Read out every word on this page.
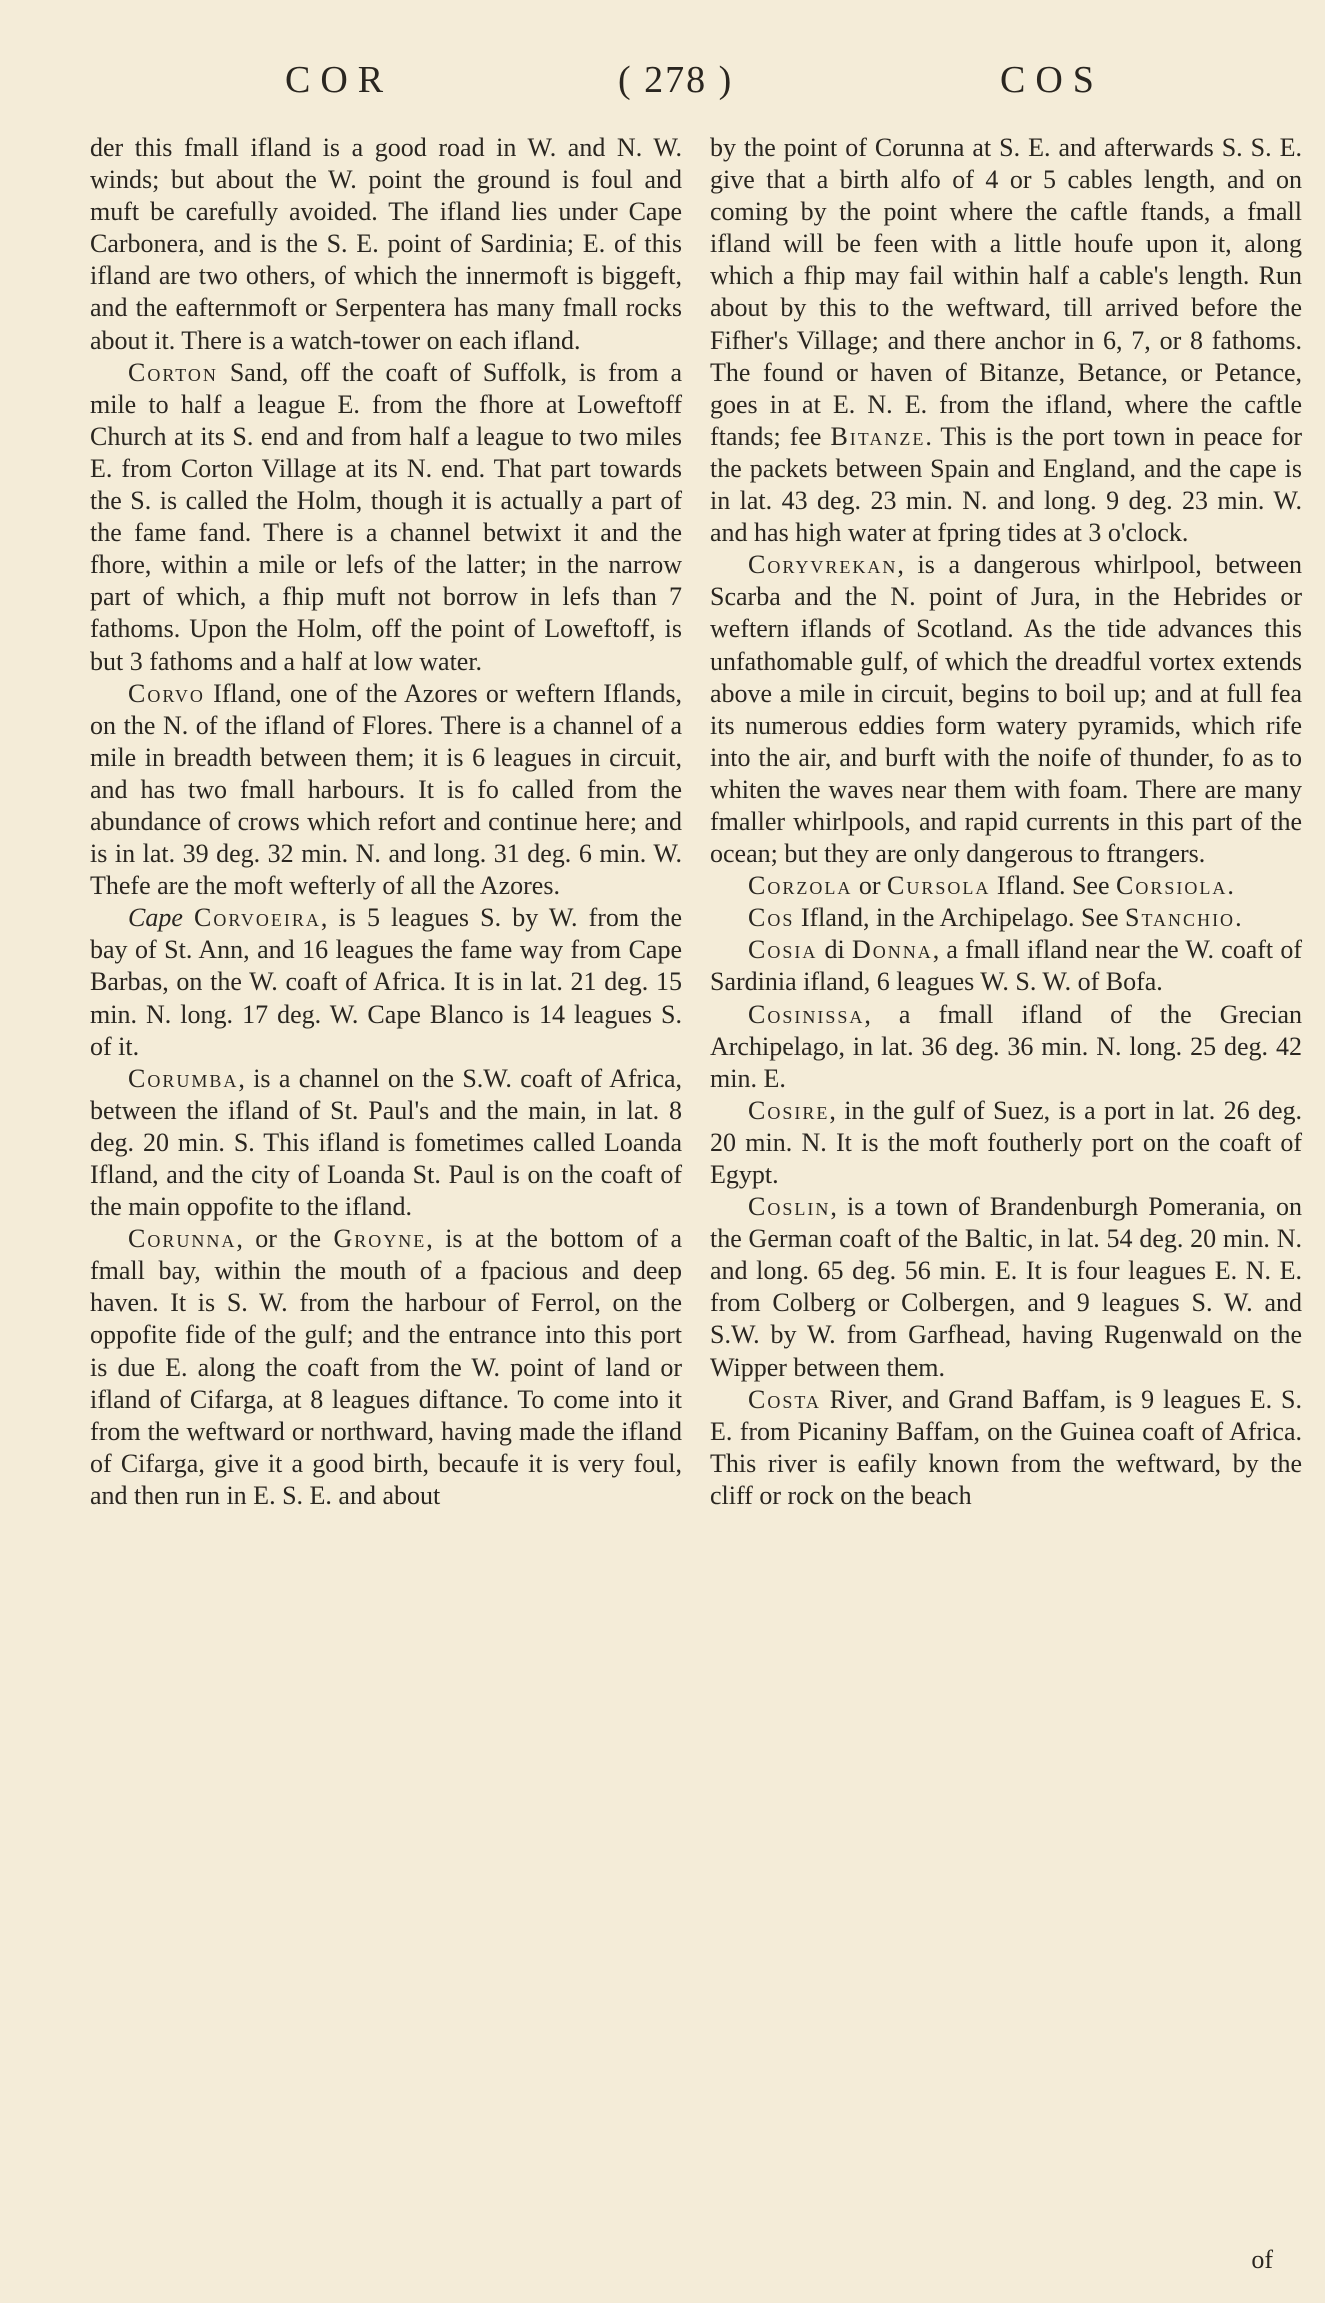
COR	( 278 )	COS

der this fmall ifland is a good road in W. and N. W. winds; but about the W. point the ground is foul and muft be carefully avoided. The ifland lies under Cape Carbonera, and is the S. E. point of Sardinia; E. of this ifland are two others, of which the innermoft is biggeft, and the eafternmoft or Serpentera has many fmall rocks about it. There is a watch-tower on each ifland.

Corton Sand, off the coaft of Suffolk, is from a mile to half a league E. from the fhore at Loweftoff Church at its S. end and from half a league to two miles E. from Corton Village at its N. end. That part towards the S. is called the Holm, though it is actually a part of the fame fand. There is a channel betwixt it and the fhore, within a mile or lefs of the latter; in the narrow part of which, a fhip muft not borrow in lefs than 7 fathoms. Upon the Holm, off the point of Loweftoff, is but 3 fathoms and a half at low water.

Corvo Ifland, one of the Azores or weftern Iflands, on the N. of the ifland of Flores. There is a channel of a mile in breadth between them; it is 6 leagues in circuit, and has two fmall harbours. It is fo called from the abundance of crows which refort and continue here; and is in lat. 39 deg. 32 min. N. and long. 31 deg. 6 min. W. Thefe are the moft wefterly of all the Azores.

Cape Corvoeira, is 5 leagues S. by W. from the bay of St. Ann, and 16 leagues the fame way from Cape Barbas, on the W. coaft of Africa. It is in lat. 21 deg. 15 min. N. long. 17 deg. W. Cape Blanco is 14 leagues S. of it.

Corumba, is a channel on the S.W. coaft of Africa, between the ifland of St. Paul's and the main, in lat. 8 deg. 20 min. S. This ifland is fometimes called Loanda Ifland, and the city of Loanda St. Paul is on the coaft of the main oppofite to the ifland.

Corunna, or the Groyne, is at the bottom of a fmall bay, within the mouth of a fpacious and deep haven. It is S. W. from the harbour of Ferrol, on the oppofite fide of the gulf; and the entrance into this port is due E. along the coaft from the W. point of land or ifland of Cifarga, at 8 leagues diftance. To come into it from the weftward or northward, having made the ifland of Cifarga, give it a good birth, becaufe it is very foul, and then run in E. S. E. and about

by the point of Corunna at S. E. and afterwards S. S. E. give that a birth alfo of 4 or 5 cables length, and on coming by the point where the caftle ftands, a fmall ifland will be feen with a little houfe upon it, along which a fhip may fail within half a cable's length. Run about by this to the weftward, till arrived before the Fifher's Village; and there anchor in 6, 7, or 8 fathoms. The found or haven of Bitanze, Betance, or Petance, goes in at E. N. E. from the ifland, where the caftle ftands; fee Bitanze. This is the port town in peace for the packets between Spain and England, and the cape is in lat. 43 deg. 23 min. N. and long. 9 deg. 23 min. W. and has high water at fpring tides at 3 o'clock.

Coryvrekan, is a dangerous whirlpool, between Scarba and the N. point of Jura, in the Hebrides or weftern iflands of Scotland. As the tide advances this unfathomable gulf, of which the dreadful vortex extends above a mile in circuit, begins to boil up; and at full fea its numerous eddies form watery pyramids, which rife into the air, and burft with the noife of thunder, fo as to whiten the waves near them with foam. There are many fmaller whirlpools, and rapid currents in this part of the ocean; but they are only dangerous to ftrangers.

Corzola or Cursola Ifland. See Corsiola.

Cos Ifland, in the Archipelago. See Stanchio.

Cosia di Donna, a fmall ifland near the W. coaft of Sardinia ifland, 6 leagues W. S. W. of Bofa.

Cosinissa, a fmall ifland of the Grecian Archipelago, in lat. 36 deg. 36 min. N. long. 25 deg. 42 min. E.

Cosire, in the gulf of Suez, is a port in lat. 26 deg. 20 min. N. It is the moft foutherly port on the coaft of Egypt.

Coslin, is a town of Brandenburgh Pomerania, on the German coaft of the Baltic, in lat. 54 deg. 20 min. N. and long. 65 deg. 56 min. E. It is four leagues E. N. E. from Colberg or Colbergen, and 9 leagues S. W. and S.W. by W. from Garfhead, having Rugenwald on the Wipper between them.

Costa River, and Grand Baffam, is 9 leagues E. S. E. from Picaniny Baffam, on the Guinea coaft of Africa. This river is eafily known from the weftward, by the cliff or rock on the beach

of
